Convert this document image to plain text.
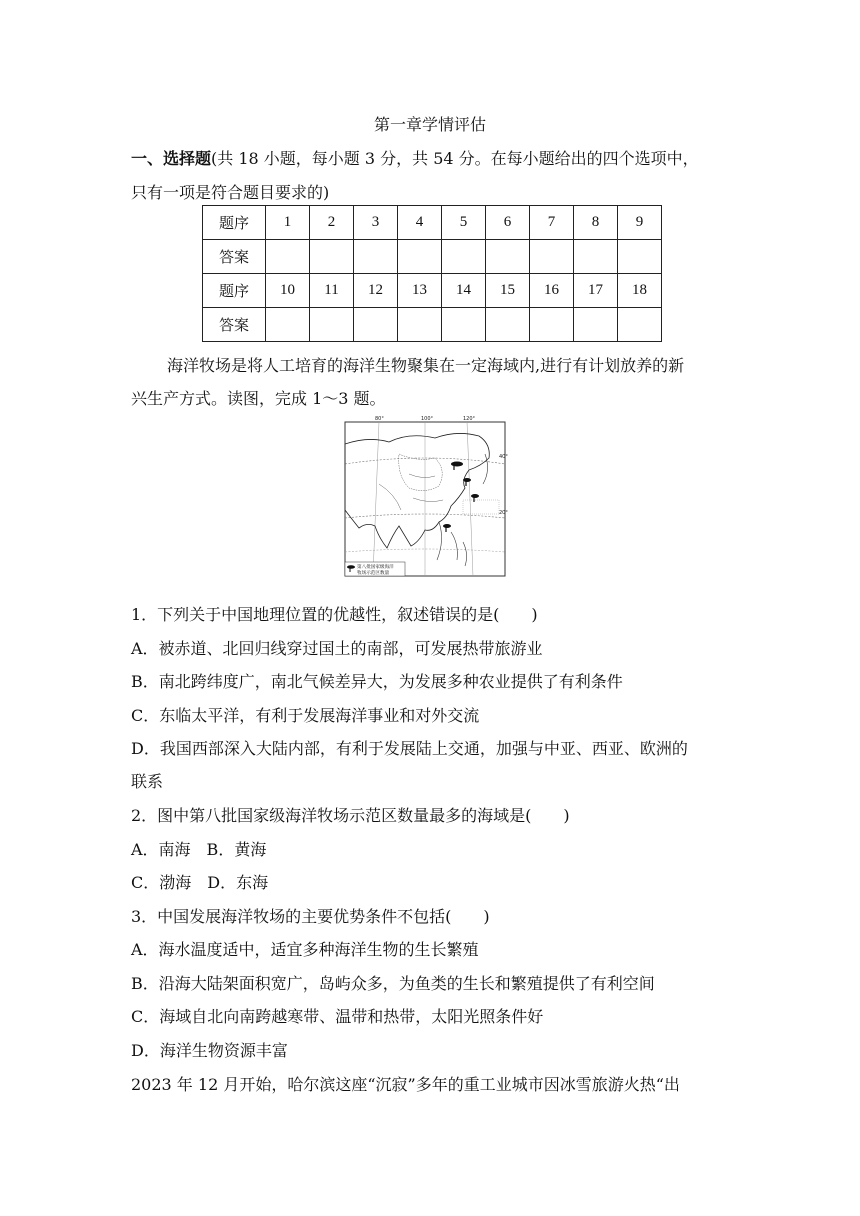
第一章学情评估
一、选择题(共 18 小题，每小题 3 分，共 54 分。在每小题给出的四个选项中，
只有一项是符合题目要求的)
题序	1	2	3	4	5	6	7	8	9
答案									
题序	10	11	12	13	14	15	16	17	18
答案									
海洋牧场是将人工培育的海洋生物聚集在一定海域内,进行有计划放养的新
兴生产方式。读图，完成 1～3 题。
80°	100°	120°
40°
20°
第八批国家级海洋
牧场示范区数量
1．下列关于中国地理位置的优越性，叙述错误的是(　　)
A．被赤道、北回归线穿过国土的南部，可发展热带旅游业
B．南北跨纬度广，南北气候差异大，为发展多种农业提供了有利条件
C．东临太平洋，有利于发展海洋事业和对外交流
D．我国西部深入大陆内部，有利于发展陆上交通，加强与中亚、西亚、欧洲的
联系
2．图中第八批国家级海洋牧场示范区数量最多的海域是(　　)
A．南海　B．黄海
C．渤海　D．东海
3．中国发展海洋牧场的主要优势条件不包括(　　)
A．海水温度适中，适宜多种海洋生物的生长繁殖
B．沿海大陆架面积宽广，岛屿众多，为鱼类的生长和繁殖提供了有利空间
C．海域自北向南跨越寒带、温带和热带，太阳光照条件好
D．海洋生物资源丰富
2023 年 12 月开始，哈尔滨这座“沉寂”多年的重工业城市因冰雪旅游火热“出
